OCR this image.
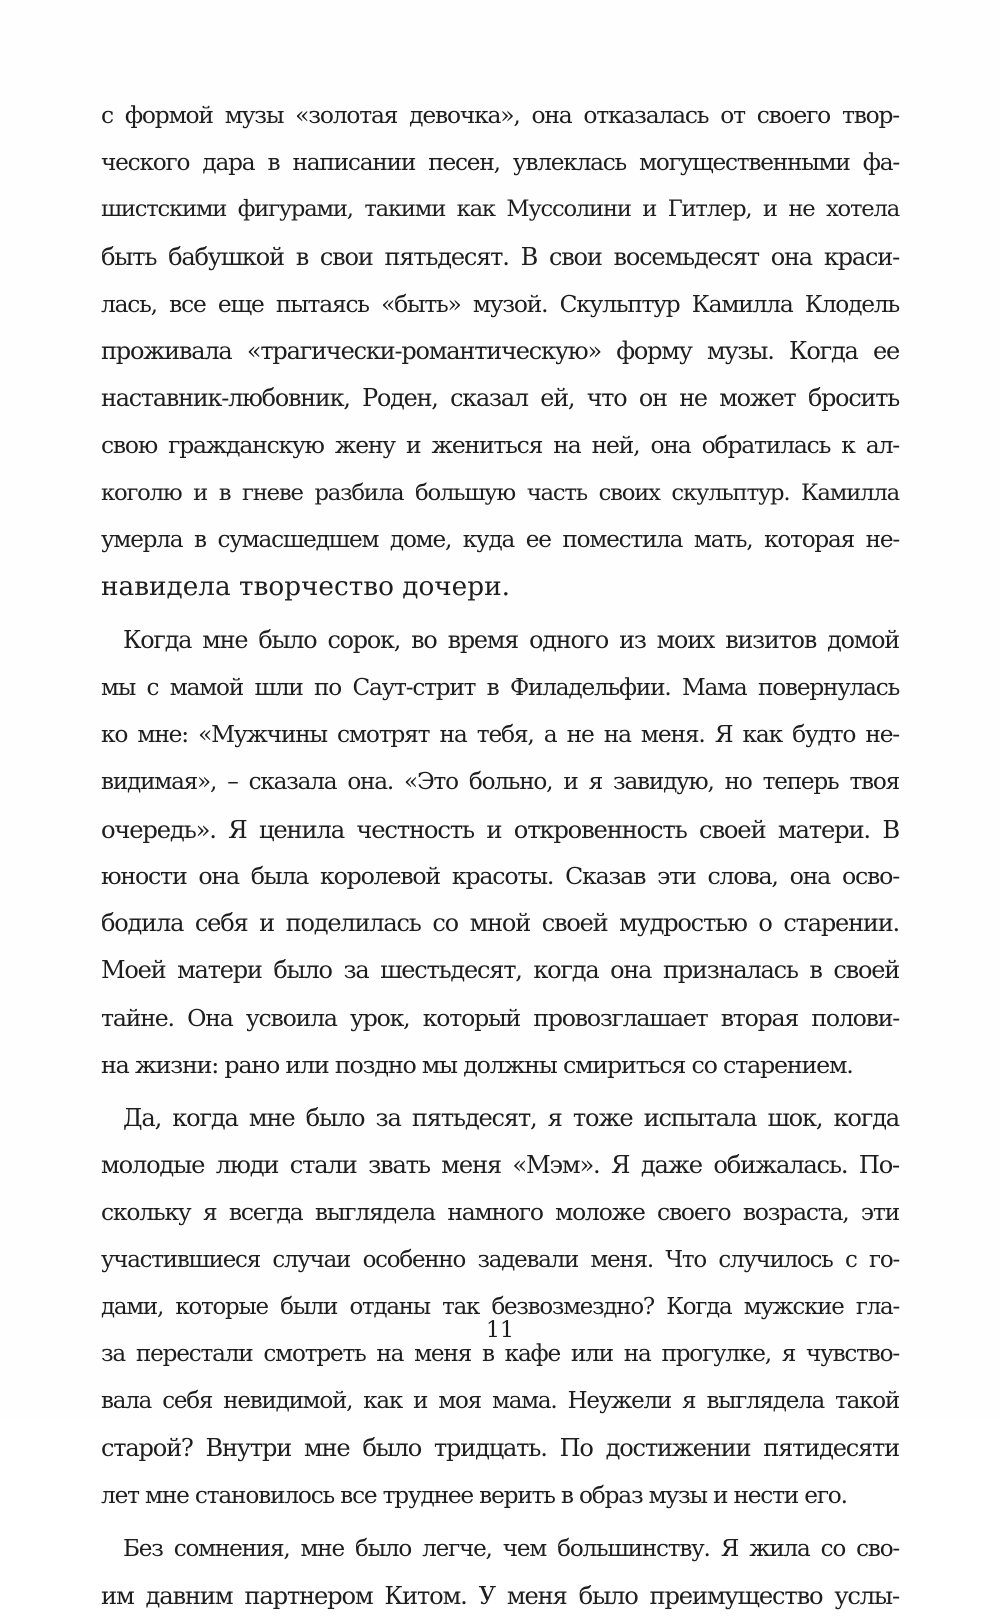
с формой музы «золотая девочка», она отказалась от своего твор-
ческого дара в написании песен, увлеклась могущественными фа-
шистскими фигурами, такими как Муссолини и Гитлер, и не хотела
быть бабушкой в свои пятьдесят. В свои восемьдесят она краси-
лась, все еще пытаясь «быть» музой. Скульптур Камилла Клодель
проживала «трагически-романтическую» форму музы. Когда ее
наставник-любовник, Роден, сказал ей, что он не может бросить
свою гражданскую жену и жениться на ней, она обратилась к ал-
коголю и в гневе разбила большую часть своих скульптур. Камилла
умерла в сумасшедшем доме, куда ее поместила мать, которая не-
навидела творчество дочери.
Когда мне было сорок, во время одного из моих визитов домой
мы с мамой шли по Саут-стрит в Филадельфии. Мама повернулась
ко мне: «Мужчины смотрят на тебя, а не на меня. Я как будто не-
видимая», – сказала она. «Это больно, и я завидую, но теперь твоя
очередь». Я ценила честность и откровенность своей матери. В
юности она была королевой красоты. Сказав эти слова, она осво-
бодила себя и поделилась со мной своей мудростью о старении.
Моей матери было за шестьдесят, когда она призналась в своей
тайне. Она усвоила урок, который провозглашает вторая полови-
на жизни: рано или поздно мы должны смириться со старением.
Да, когда мне было за пятьдесят, я тоже испытала шок, когда
молодые люди стали звать меня «Мэм». Я даже обижалась. По-
скольку я всегда выглядела намного моложе своего возраста, эти
участившиеся случаи особенно задевали меня. Что случилось с го-
дами, которые были отданы так безвозмездно? Когда мужские гла-
за перестали смотреть на меня в кафе или на прогулке, я чувство-
вала себя невидимой, как и моя мама. Неужели я выглядела такой
старой? Внутри мне было тридцать. По достижении пятидесяти
лет мне становилось все труднее верить в образ музы и нести его.
Без сомнения, мне было легче, чем большинству. Я жила со сво-
им давним партнером Китом. У меня было преимущество услы-
11
